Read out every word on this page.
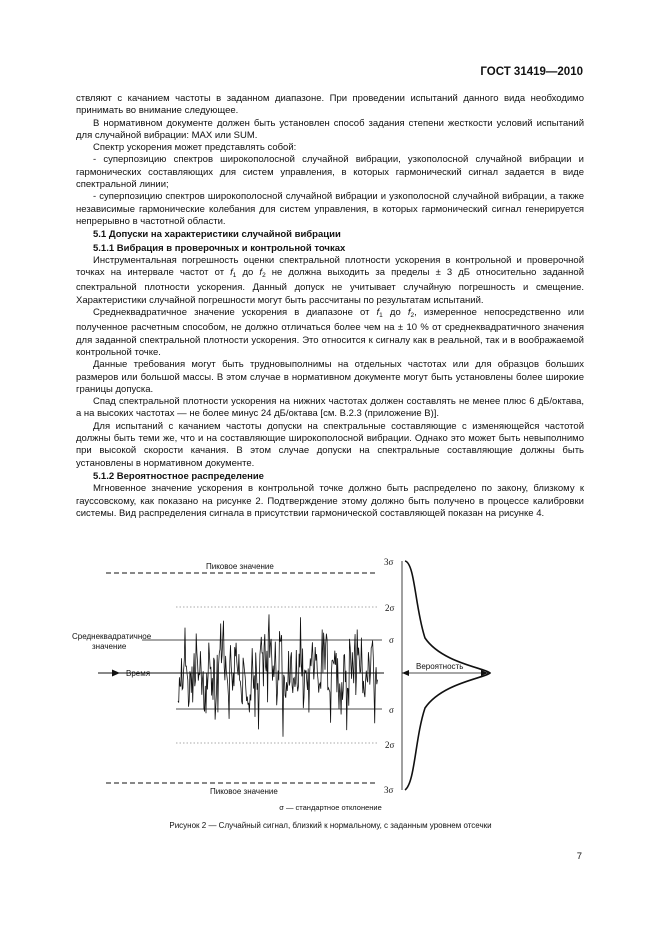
ГОСТ 31419—2010

ствляют с качанием частоты в заданном диапазоне. При проведении испытаний данного вида необходимо принимать во внимание следующее.

В нормативном документе должен быть установлен способ задания степени жесткости условий испытаний для случайной вибрации: MAX или SUM.

Спектр ускорения может представлять собой:

- суперпозицию спектров широкополосной случайной вибрации, узкополосной случайной вибрации и гармонических составляющих для систем управления, в которых гармонический сигнал задается в виде спектральной линии;

- суперпозицию спектров широкополосной случайной вибрации и узкополосной случайной вибрации, а также независимые гармонические колебания для систем управления, в которых гармонический сигнал генерируется непрерывно в частотной области.

5.1 Допуски на характеристики случайной вибрации

5.1.1 Вибрация в проверочных и контрольной точках

Инструментальная погрешность оценки спектральной плотности ускорения в контрольной и проверочной точках на интервале частот от $f_1$ до $f_2$ не должна выходить за пределы ± 3 дБ относительно заданной спектральной плотности ускорения. Данный допуск не учитывает случайную погрешность и смещение. Характеристики случайной погрешности могут быть рассчитаны по результатам испытаний.

Среднеквадратичное значение ускорения в диапазоне от $f_1$ до $f_2$, измеренное непосредственно или полученное расчетным способом, не должно отличаться более чем на ± 10 % от среднеквадратичного значения для заданной спектральной плотности ускорения. Это относится к сигналу как в реальной, так и в воображаемой контрольной точке.

Данные требования могут быть трудновыполнимы на отдельных частотах или для образцов больших размеров или большой массы. В этом случае в нормативном документе могут быть установлены более широкие границы допуска.

Спад спектральной плотности ускорения на нижних частотах должен составлять не менее плюс 6 дБ/октава, а на высоких частотах — не более минус 24 дБ/октава [см. В.2.3 (приложение В)].

Для испытаний с качанием частоты допуски на спектральные составляющие с изменяющейся частотой должны быть теми же, что и на составляющие широкополосной вибрации. Однако это может быть невыполнимо при высокой скорости качания. В этом случае допуски на спектральные составляющие должны быть установлены в нормативном документе.

5.1.2 Вероятностное распределение

Мгновенное значение ускорения в контрольной точке должно быть распределено по закону, близкому к гауссовскому, как показано на рисунке 2. Подтверждение этому должно быть получено в процессе калибровки системы. Вид распределения сигнала в присутствии гармонической составляющей показан на рисунке 4.

3σ
2σ
σ
σ
2σ
3σ
Пиковое значение
Пиковое значение
Среднеквадратичное
значение
Время
Вероятность
σ — стандартное отклонение
Рисунок 2 — Случайный сигнал, близкий к нормальному, с заданным уровнем отсечки
7
